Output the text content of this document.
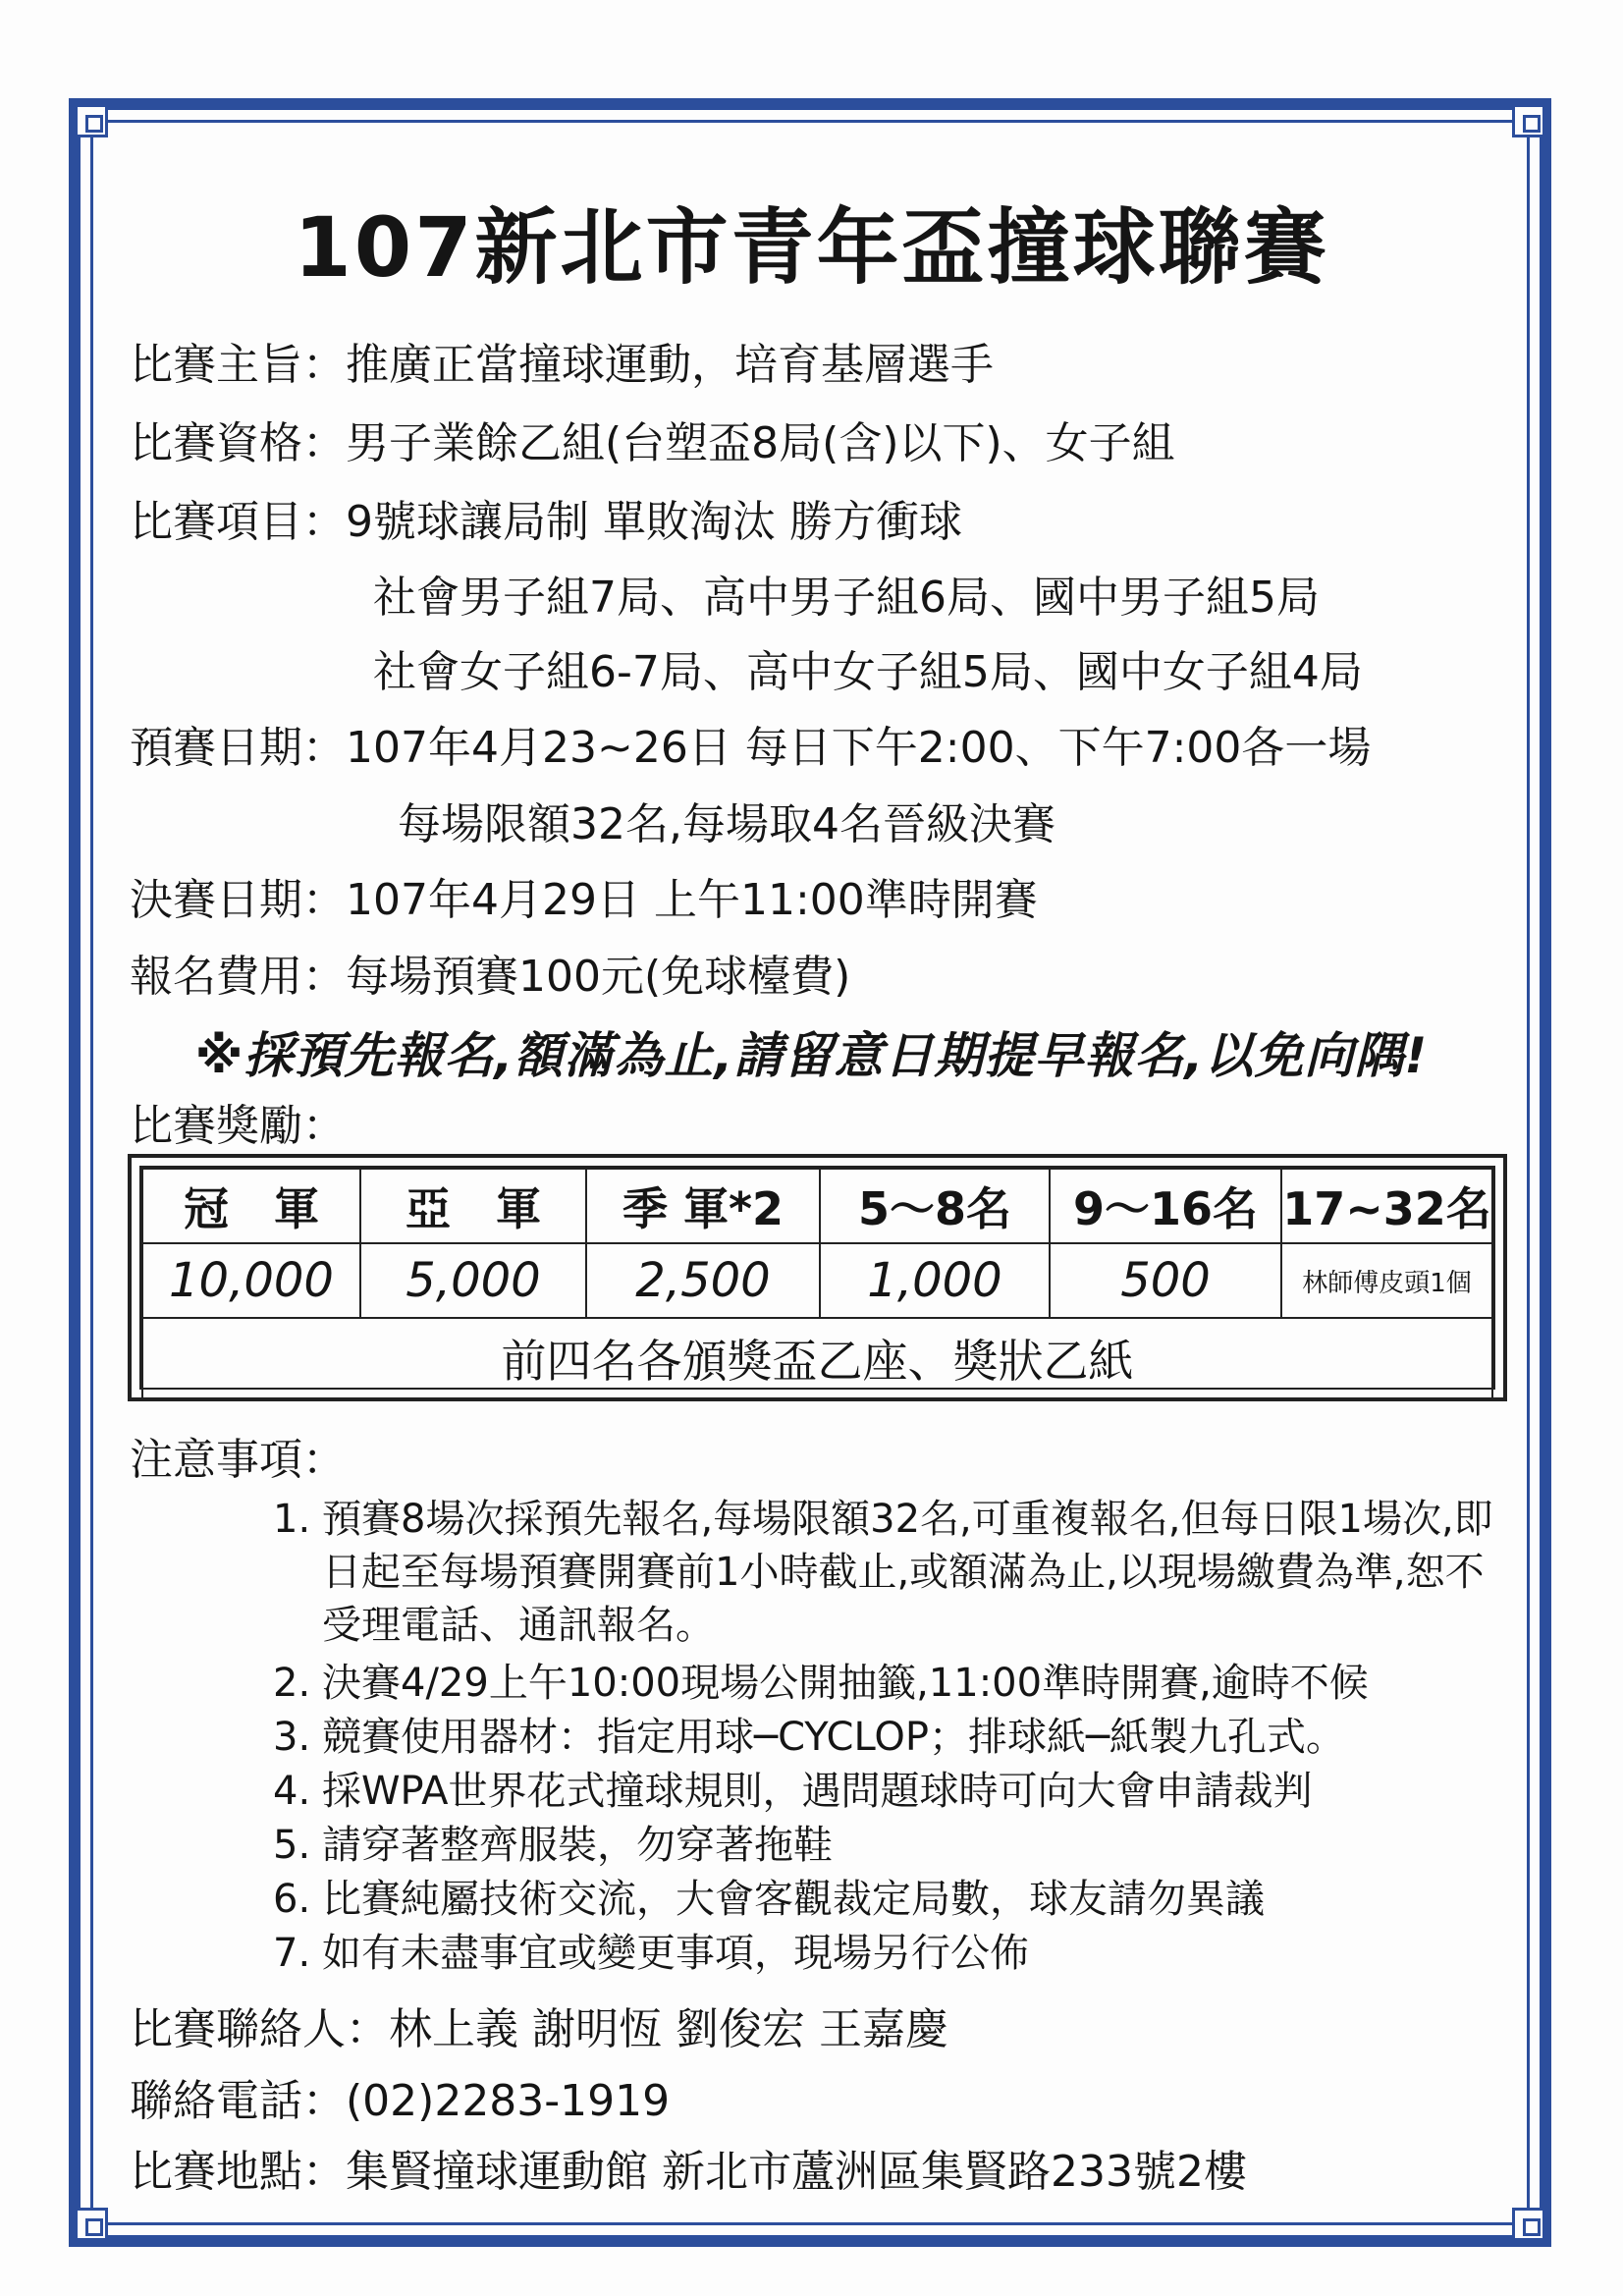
107新北市青年盃撞球聯賽
比賽主旨：推廣正當撞球運動，培育基層選手
比賽資格：男子業餘乙組(台塑盃8局(含)以下)、女子組
比賽項目：9號球讓局制 單敗淘汰 勝方衝球
社會男子組7局、高中男子組6局、國中男子組5局
社會女子組6-7局、高中女子組5局、國中女子組4局
預賽日期：107年4月23~26日 每日下午2:00、下午7:00各一場
每場限額32名,每場取4名晉級決賽
決賽日期：107年4月29日 上午11:00準時開賽
報名費用：每場預賽100元(免球檯費)
※採預先報名,額滿為止,請留意日期提早報名,以免向隅!
比賽獎勵：
冠　軍	亞　軍	季 軍*2	5～8名	9～16名	17~32名
10,000	5,000	2,500	1,000	500	林師傅皮頭1個
前四名各頒獎盃乙座、獎狀乙紙					
注意事項：
1. 預賽8場次採預先報名,每場限額32名,可重複報名,但每日限1場次,即日起至每場預賽開賽前1小時截止,或額滿為止,以現場繳費為準,恕不受理電話、通訊報名。
2. 決賽4/29上午10:00現場公開抽籤,11:00準時開賽,逾時不候
3. 競賽使用器材：指定用球─CYCLOP；排球紙─紙製九孔式。
4. 採WPA世界花式撞球規則，遇問題球時可向大會申請裁判
5. 請穿著整齊服裝，勿穿著拖鞋
6. 比賽純屬技術交流，大會客觀裁定局數，球友請勿異議
7. 如有未盡事宜或變更事項，現場另行公佈
比賽聯絡人：林上義 謝明恆 劉俊宏 王嘉慶
聯絡電話：(02)2283-1919
比賽地點：集賢撞球運動館 新北市蘆洲區集賢路233號2樓
